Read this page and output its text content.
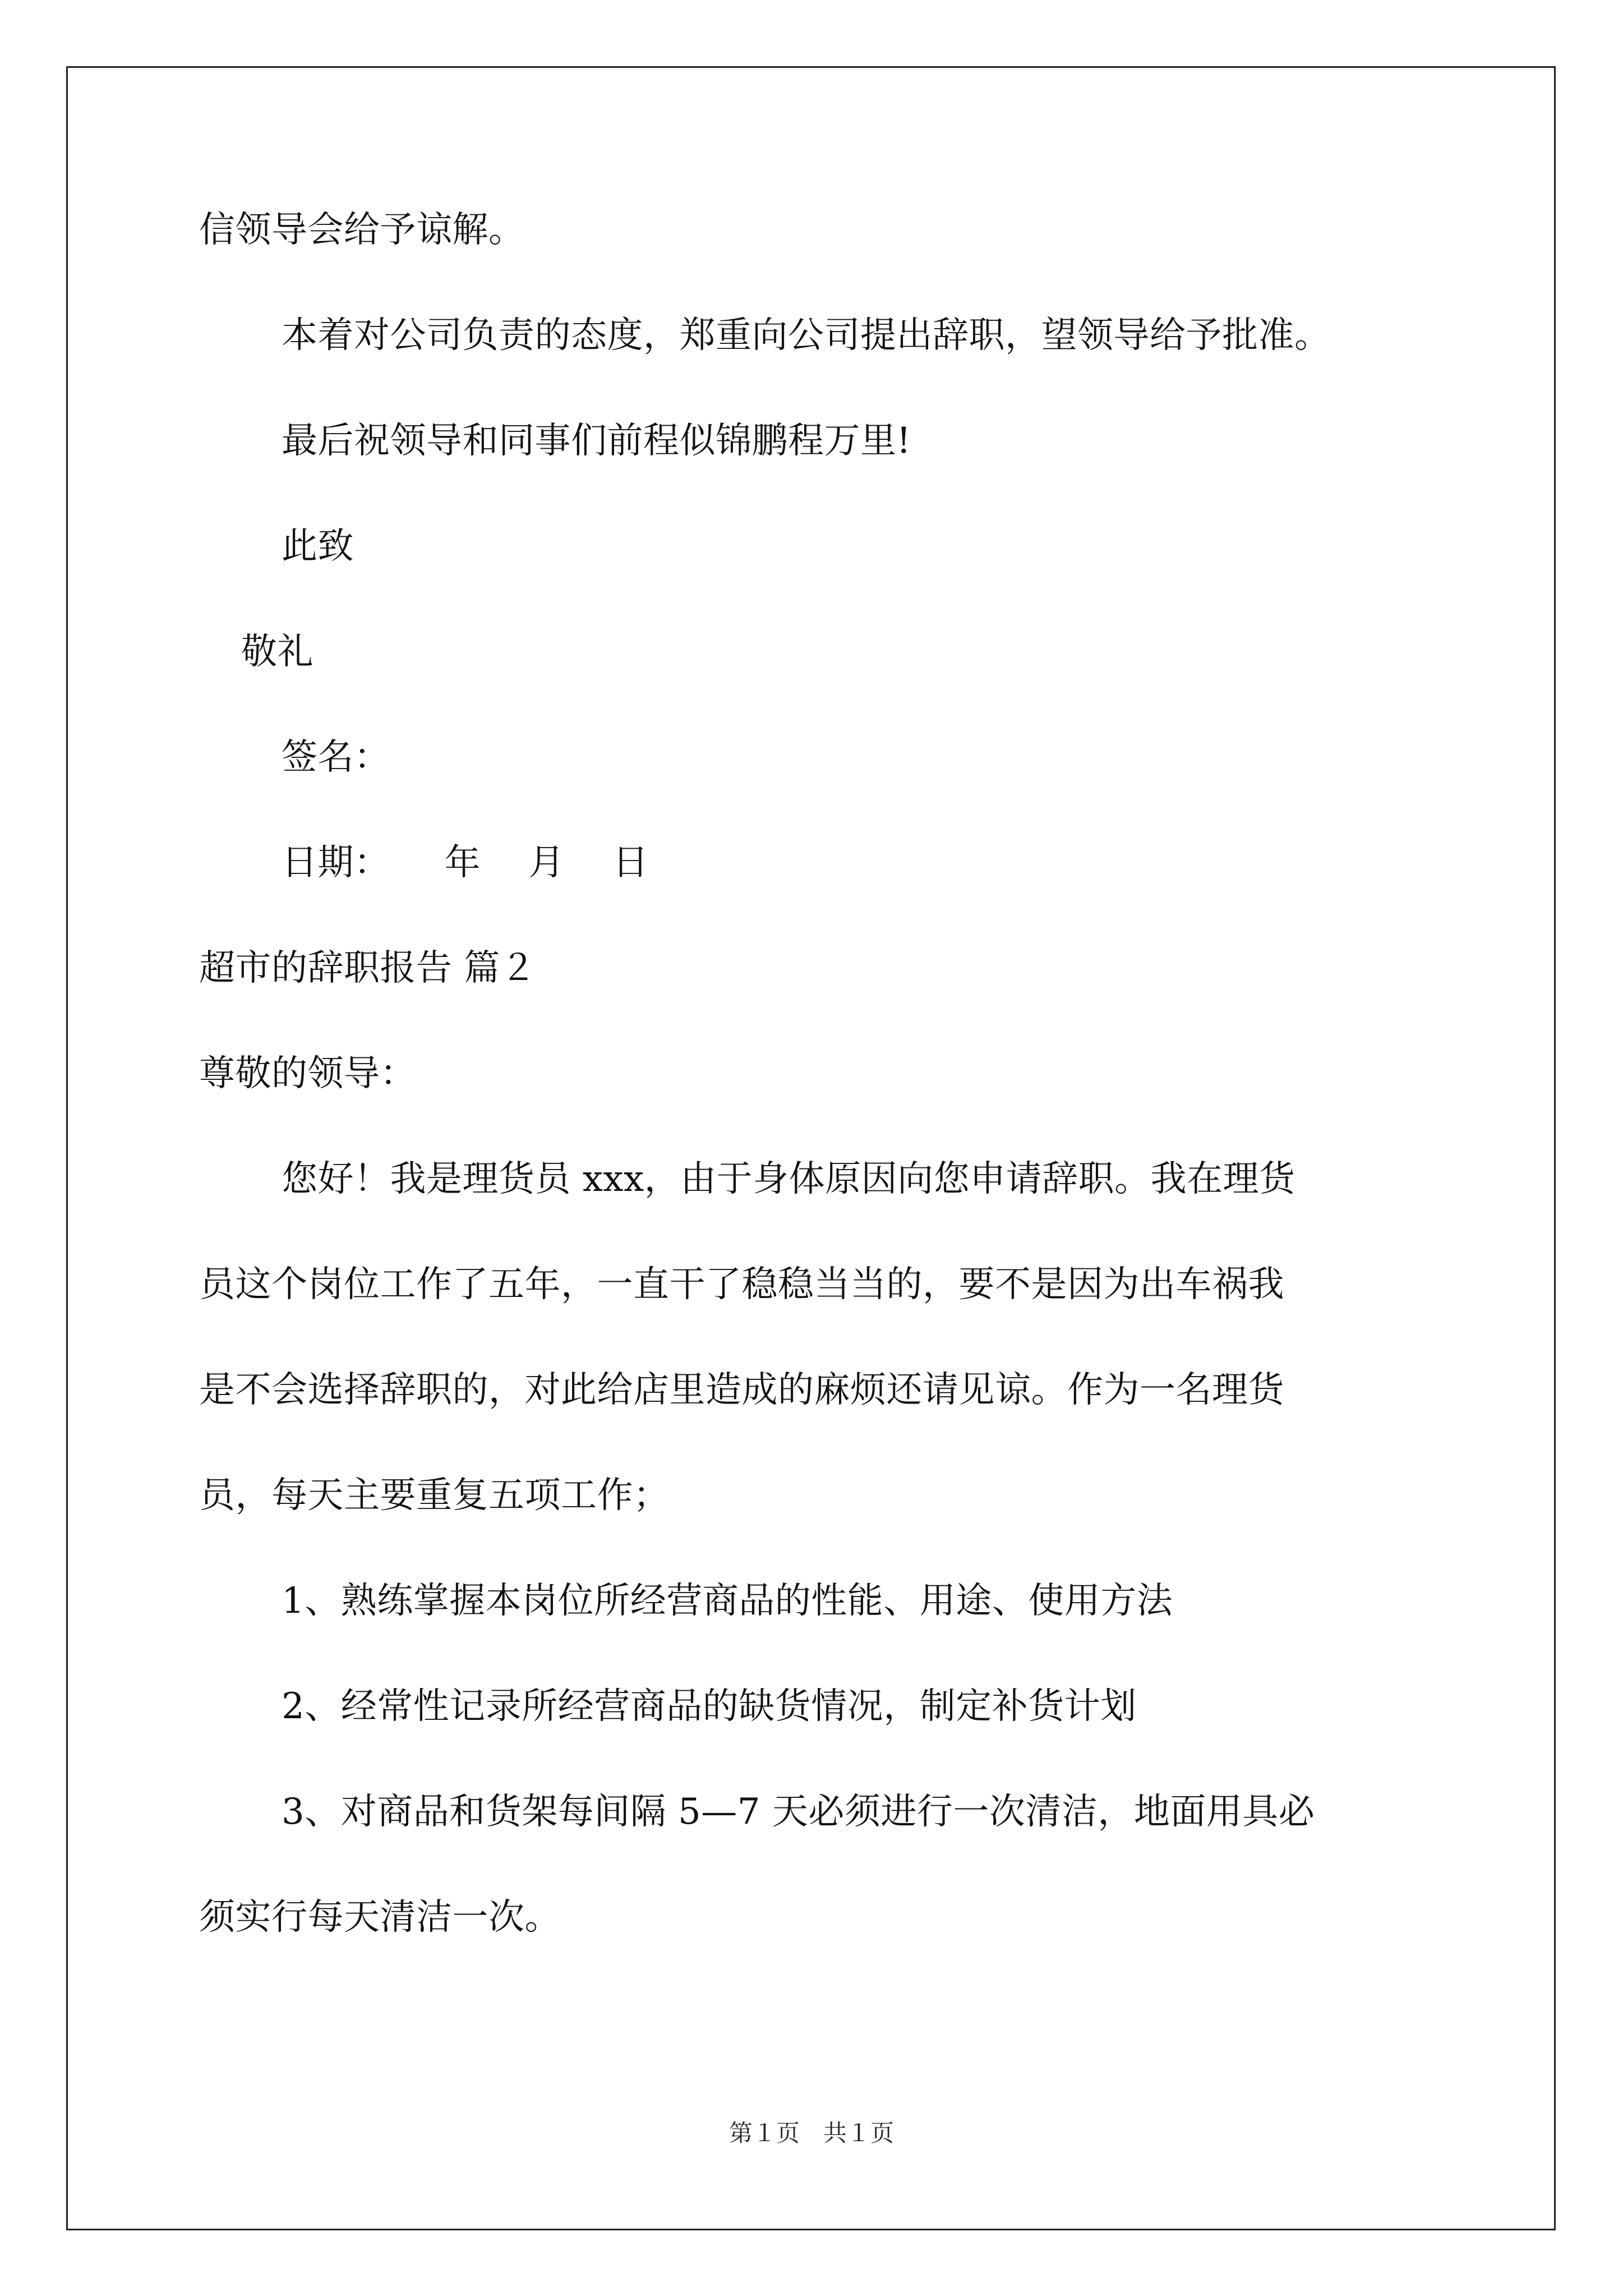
信领导会给予谅解。
本着对公司负责的态度，郑重向公司提出辞职，望领导给予批准。
最后祝领导和同事们前程似锦鹏程万里!
此致
敬礼
签名：
日期：　　年　 月　 日
超市的辞职报告 篇２
尊敬的领导：
您好！我是理货员 xxx，由于身体原因向您申请辞职。我在理货
员这个岗位工作了五年，一直干了稳稳当当的，要不是因为出车祸我
是不会选择辞职的，对此给店里造成的麻烦还请见谅。作为一名理货
员，每天主要重复五项工作；
1、熟练掌握本岗位所经营商品的性能、用途、使用方法
2、经常性记录所经营商品的缺货情况，制定补货计划
3、对商品和货架每间隔 5—7 天必须进行一次清洁，地面用具必
须实行每天清洁一次。
第１页　共１页
